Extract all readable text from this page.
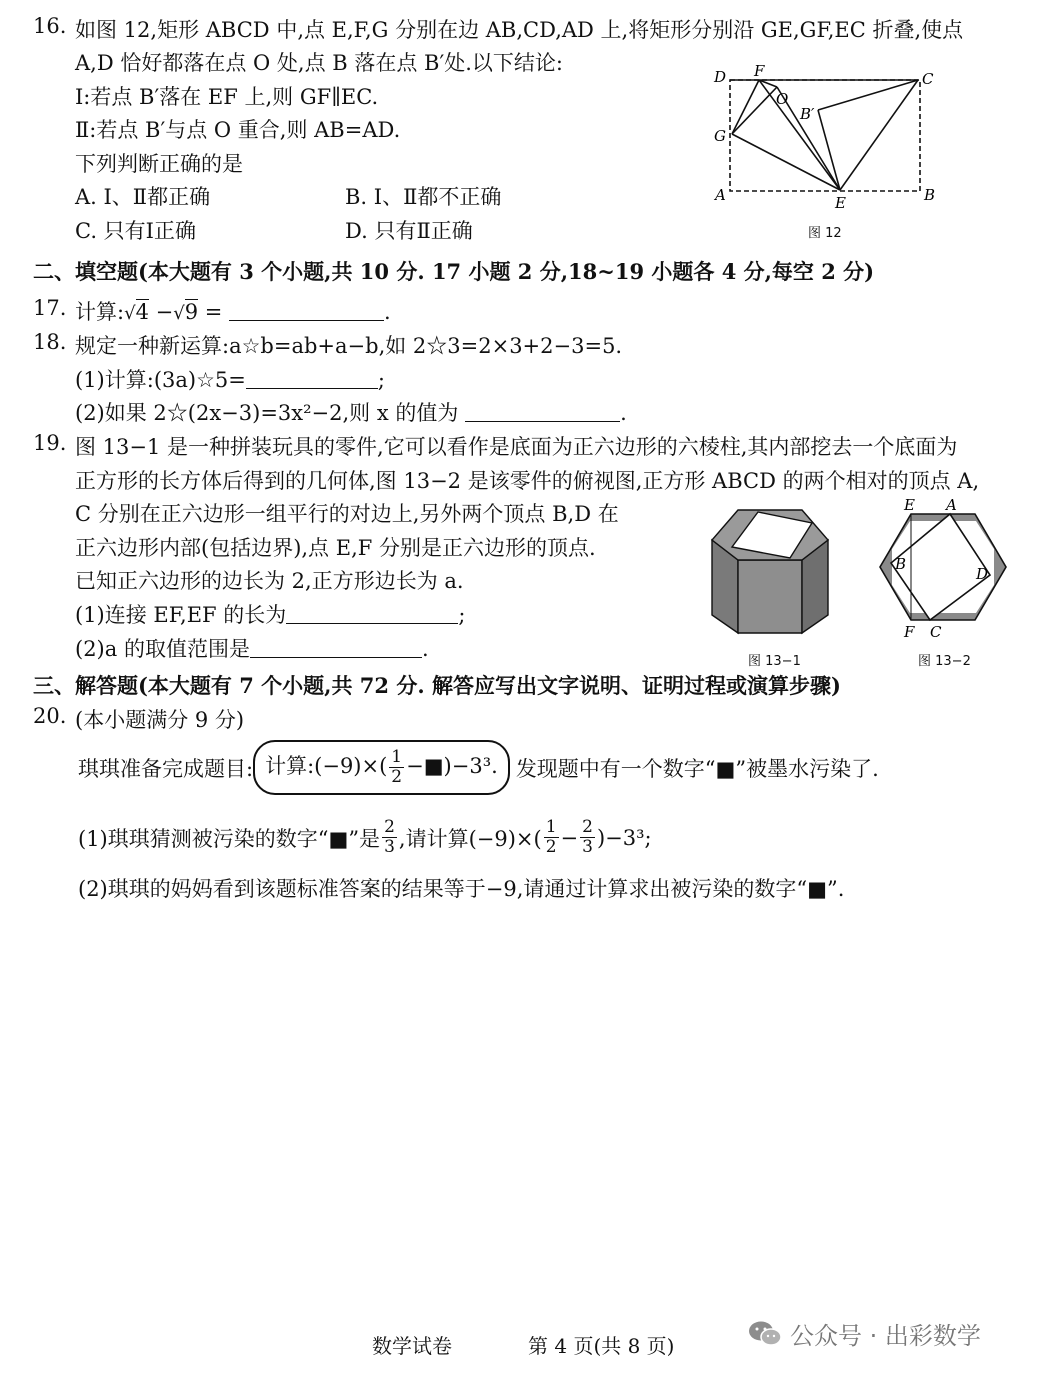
16. 如图 12,矩形 ABCD 中,点 E,F,G 分别在边 AB,CD,AD 上,将矩形分别沿 GE,GF,EC 折叠,使点
A,D 恰好都落在点 O 处,点 B 落在点 B′处.以下结论:
Ⅰ:若点 B′落在 EF 上,则 GF∥EC.
Ⅱ:若点 B′与点 O 重合,则 AB=AD.
下列判断正确的是
A. Ⅰ、Ⅱ都正确	B. Ⅰ、Ⅱ都不正确
C. 只有Ⅰ正确	D. 只有Ⅱ正确
D F	C
O
B′
G
A	E	B
图 12
二、填空题(本大题有 3 个小题,共 10 分. 17 小题 2 分,18~19 小题各 4 分,每空 2 分)
17. 计算:√4 −√9 =	.
18. 规定一种新运算:a☆b=ab+a−b,如 2☆3=2×3+2−3=5.
(1)计算:(3a)☆5=	;
(2)如果 2☆(2x−3)=3x²−2,则 x 的值为	.
19. 图 13−1 是一种拼装玩具的零件,它可以看作是底面为正六边形的六棱柱,其内部挖去一个底面为
正方形的长方体后得到的几何体,图 13−2 是该零件的俯视图,正方形 ABCD 的两个相对的顶点 A,
C 分别在正六边形一组平行的对边上,另外两个顶点 B,D 在
正六边形内部(包括边界),点 E,F 分别是正六边形的顶点.
已知正六边形的边长为 2,正方形边长为 a.
(1)连接 EF,EF 的长为	;
(2)a 的取值范围是	.
图 13−1
E A
B
D
F C
图 13−2
三、解答题(本大题有 7 个小题,共 72 分. 解答应写出文字说明、证明过程或演算步骤)
20. (本小题满分 9 分)
琪琪准备完成题目: 计算:(−9)×( $\frac{1}{2}$ −■)−3³. 发现题中有一个数字“■”被墨水污染了.
(1)琪琪猜测被污染的数字“■”是 $\frac{2}{3}$ ,请计算$(-9)\times( \frac{1}{2} - \frac{2}{3} )-3^3$;
(2)琪琪的妈妈看到该题标准答案的结果等于−9,请通过计算求出被污染的数字“■”.
数学试卷	第 4 页(共 8 页)	公众号 · 出彩数学
